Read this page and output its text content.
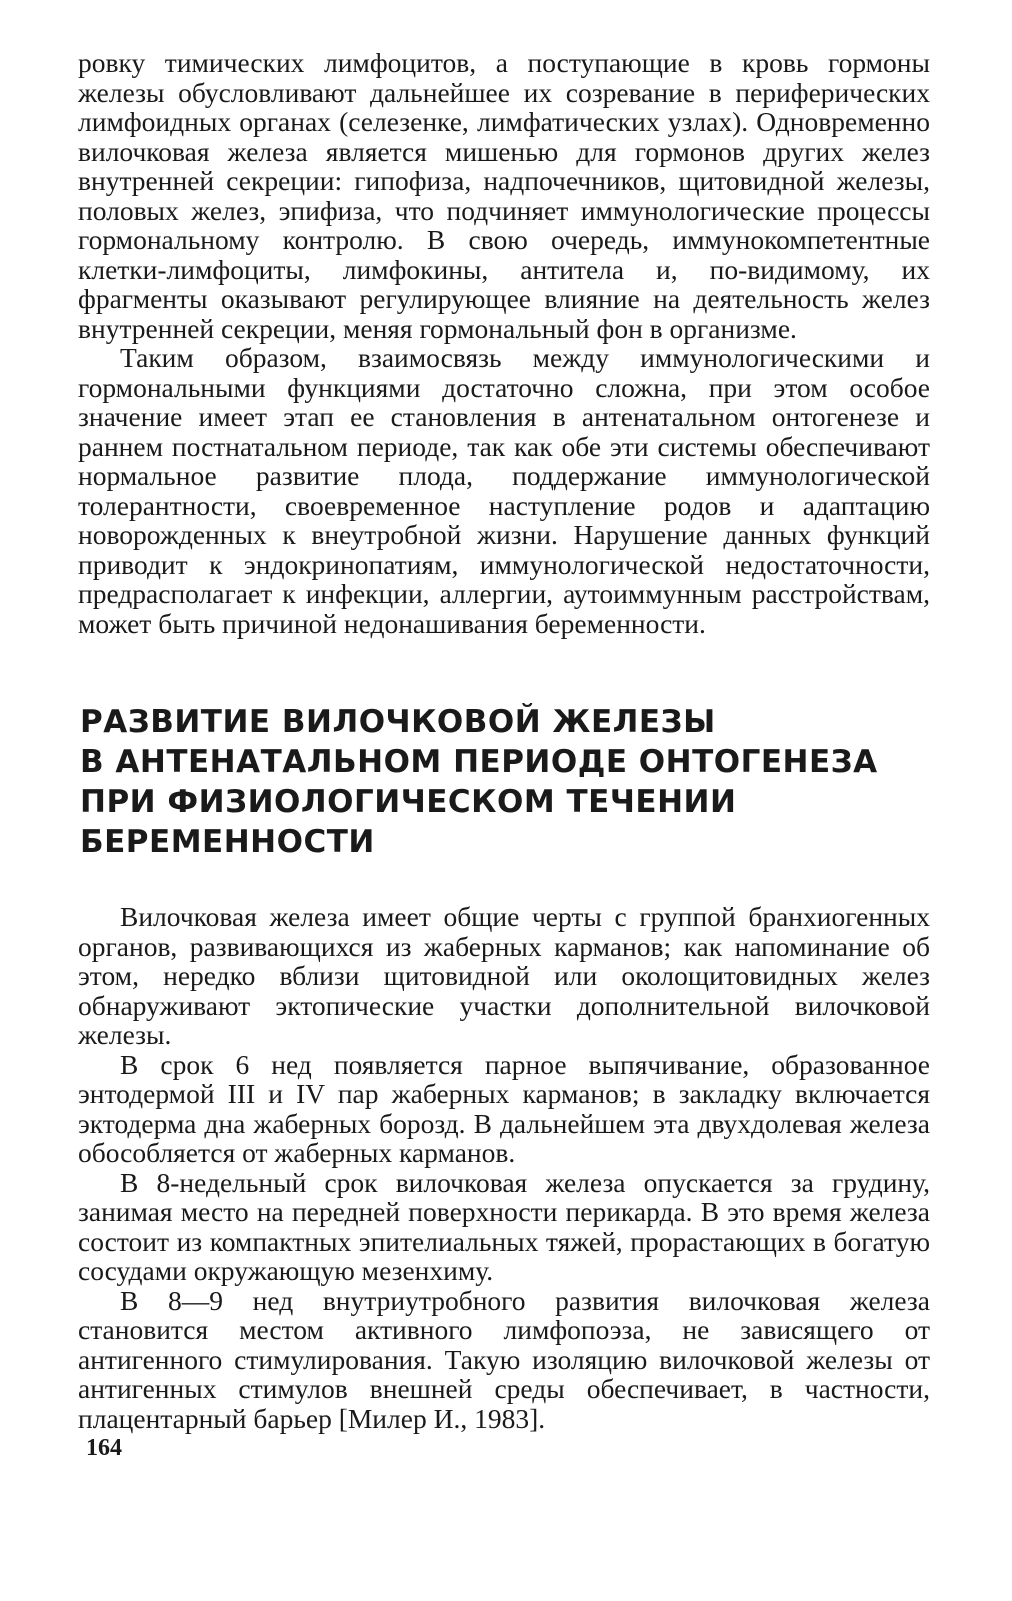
ровку тимических лимфоцитов, а поступающие в кровь гормоны железы обусловливают дальнейшее их созревание в периферических лимфоидных органах (селезенке, лимфатических узлах). Одновременно вилочковая железа является мишенью для гормонов других желез внутренней секреции: гипофиза, надпочечников, щитовидной железы, половых желез, эпифиза, что подчиняет иммунологические процессы гормональному контролю. В свою очередь, иммунокомпетентные клетки-лимфоциты, лимфокины, антитела и, по-видимому, их фрагменты оказывают регулирующее влияние на деятельность желез внутренней секреции, меняя гормональный фон в организме.

Таким образом, взаимосвязь между иммунологическими и гормональными функциями достаточно сложна, при этом особое значение имеет этап ее становления в антенатальном онтогенезе и раннем постнатальном периоде, так как обе эти системы обеспечивают нормальное развитие плода, поддержание иммунологической толерантности, своевременное наступление родов и адаптацию новорожденных к внеутробной жизни. Нарушение данных функций приводит к эндокринопатиям, иммунологической недостаточности, предрасполагает к инфекции, аллергии, аутоиммунным расстройствам, может быть причиной недонашивания беременности.

РАЗВИТИЕ ВИЛОЧКОВОЙ ЖЕЛЕЗЫ
В АНТЕНАТАЛЬНОМ ПЕРИОДЕ ОНТОГЕНЕЗА
ПРИ ФИЗИОЛОГИЧЕСКОМ ТЕЧЕНИИ
БЕРЕМЕННОСТИ

Вилочковая железа имеет общие черты с группой бранхиогенных органов, развивающихся из жаберных карманов; как напоминание об этом, нередко вблизи щитовидной или околощитовидных желез обнаруживают эктопические участки дополнительной вилочковой железы.

В срок 6 нед появляется парное выпячивание, образованное энтодермой III и IV пар жаберных карманов; в закладку включается эктодерма дна жаберных борозд. В дальнейшем эта двухдолевая железа обособляется от жаберных карманов.

В 8-недельный срок вилочковая железа опускается за грудину, занимая место на передней поверхности перикарда. В это время железа состоит из компактных эпителиальных тяжей, прорастающих в богатую сосудами окружающую мезенхиму.

В 8—9 нед внутриутробного развития вилочковая железа становится местом активного лимфопоэза, не зависящего от антигенного стимулирования. Такую изоляцию вилочковой железы от антигенных стимулов внешней среды обеспечивает, в частности, плацентарный барьер [Милер И., 1983].

164
